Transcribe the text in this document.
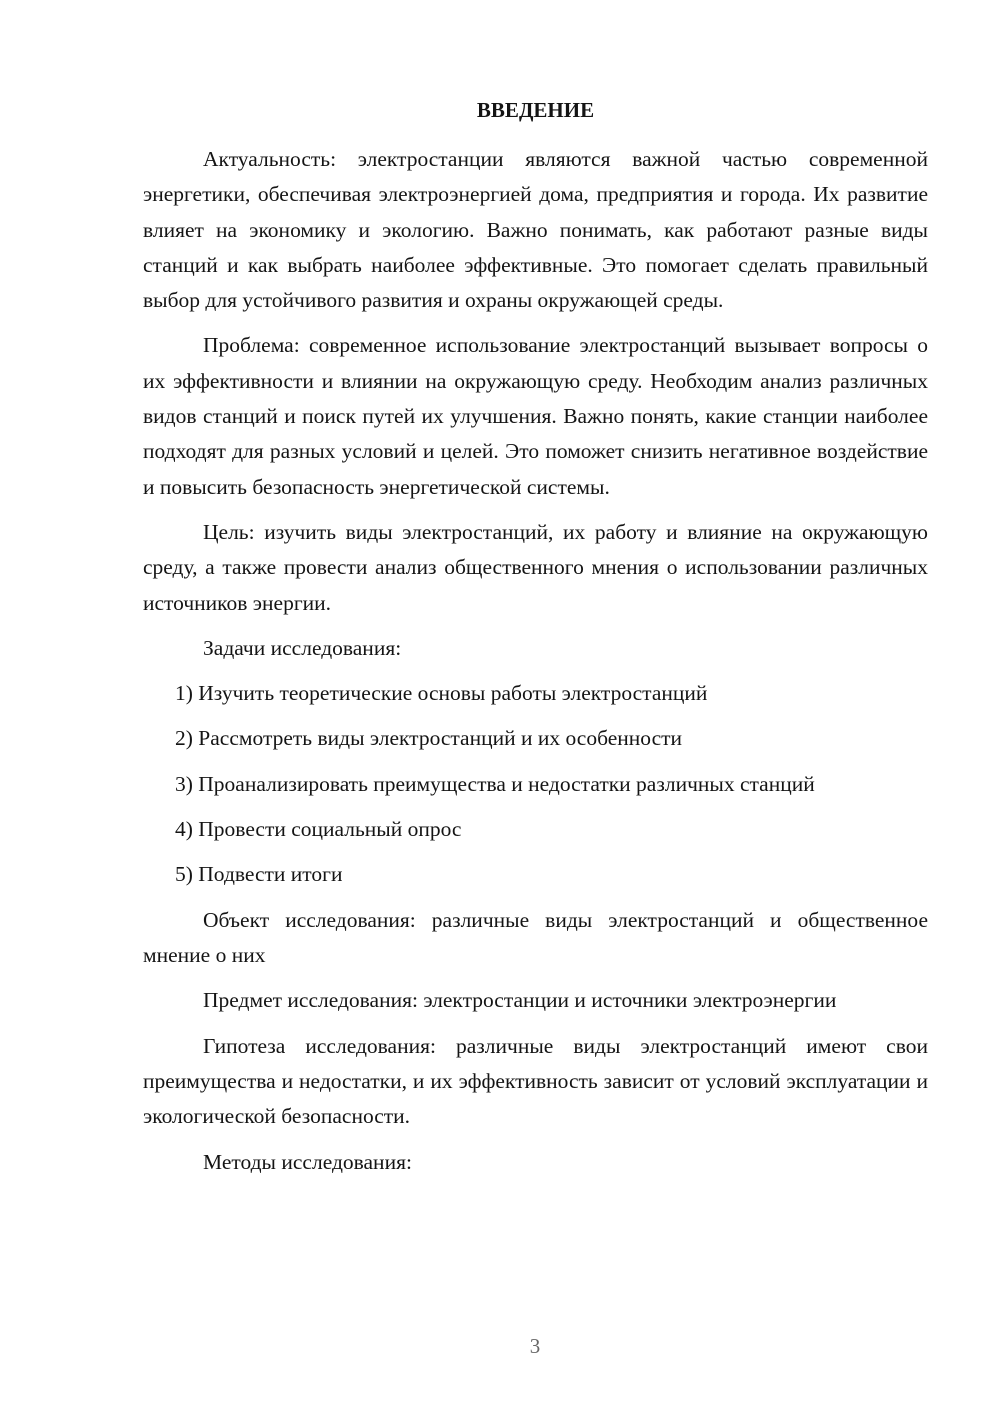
ВВЕДЕНИЕ

Актуальность: электростанции являются важной частью современной энергетики, обеспечивая электроэнергией дома, предприятия и города. Их развитие влияет на экономику и экологию. Важно понимать, как работают разные виды станций и как выбрать наиболее эффективные. Это помогает сделать правильный выбор для устойчивого развития и охраны окружающей среды.

Проблема: современное использование электростанций вызывает вопросы о их эффективности и влиянии на окружающую среду. Необходим анализ различных видов станций и поиск путей их улучшения. Важно понять, какие станции наиболее подходят для разных условий и целей. Это поможет снизить негативное воздействие и повысить безопасность энергетической системы.

Цель: изучить виды электростанций, их работу и влияние на окружающую среду, а также провести анализ общественного мнения о использовании различных источников энергии.

Задачи исследования:

1) Изучить теоретические основы работы электростанций
2) Рассмотреть виды электростанций и их особенности
3) Проанализировать преимущества и недостатки различных станций
4) Провести социальный опрос
5) Подвести итоги

Объект исследования: различные виды электростанций и общественное мнение о них

Предмет исследования: электростанции и источники электроэнергии

Гипотеза исследования: различные виды электростанций имеют свои преимущества и недостатки, и их эффективность зависит от условий эксплуатации и экологической безопасности.

Методы исследования:

3
